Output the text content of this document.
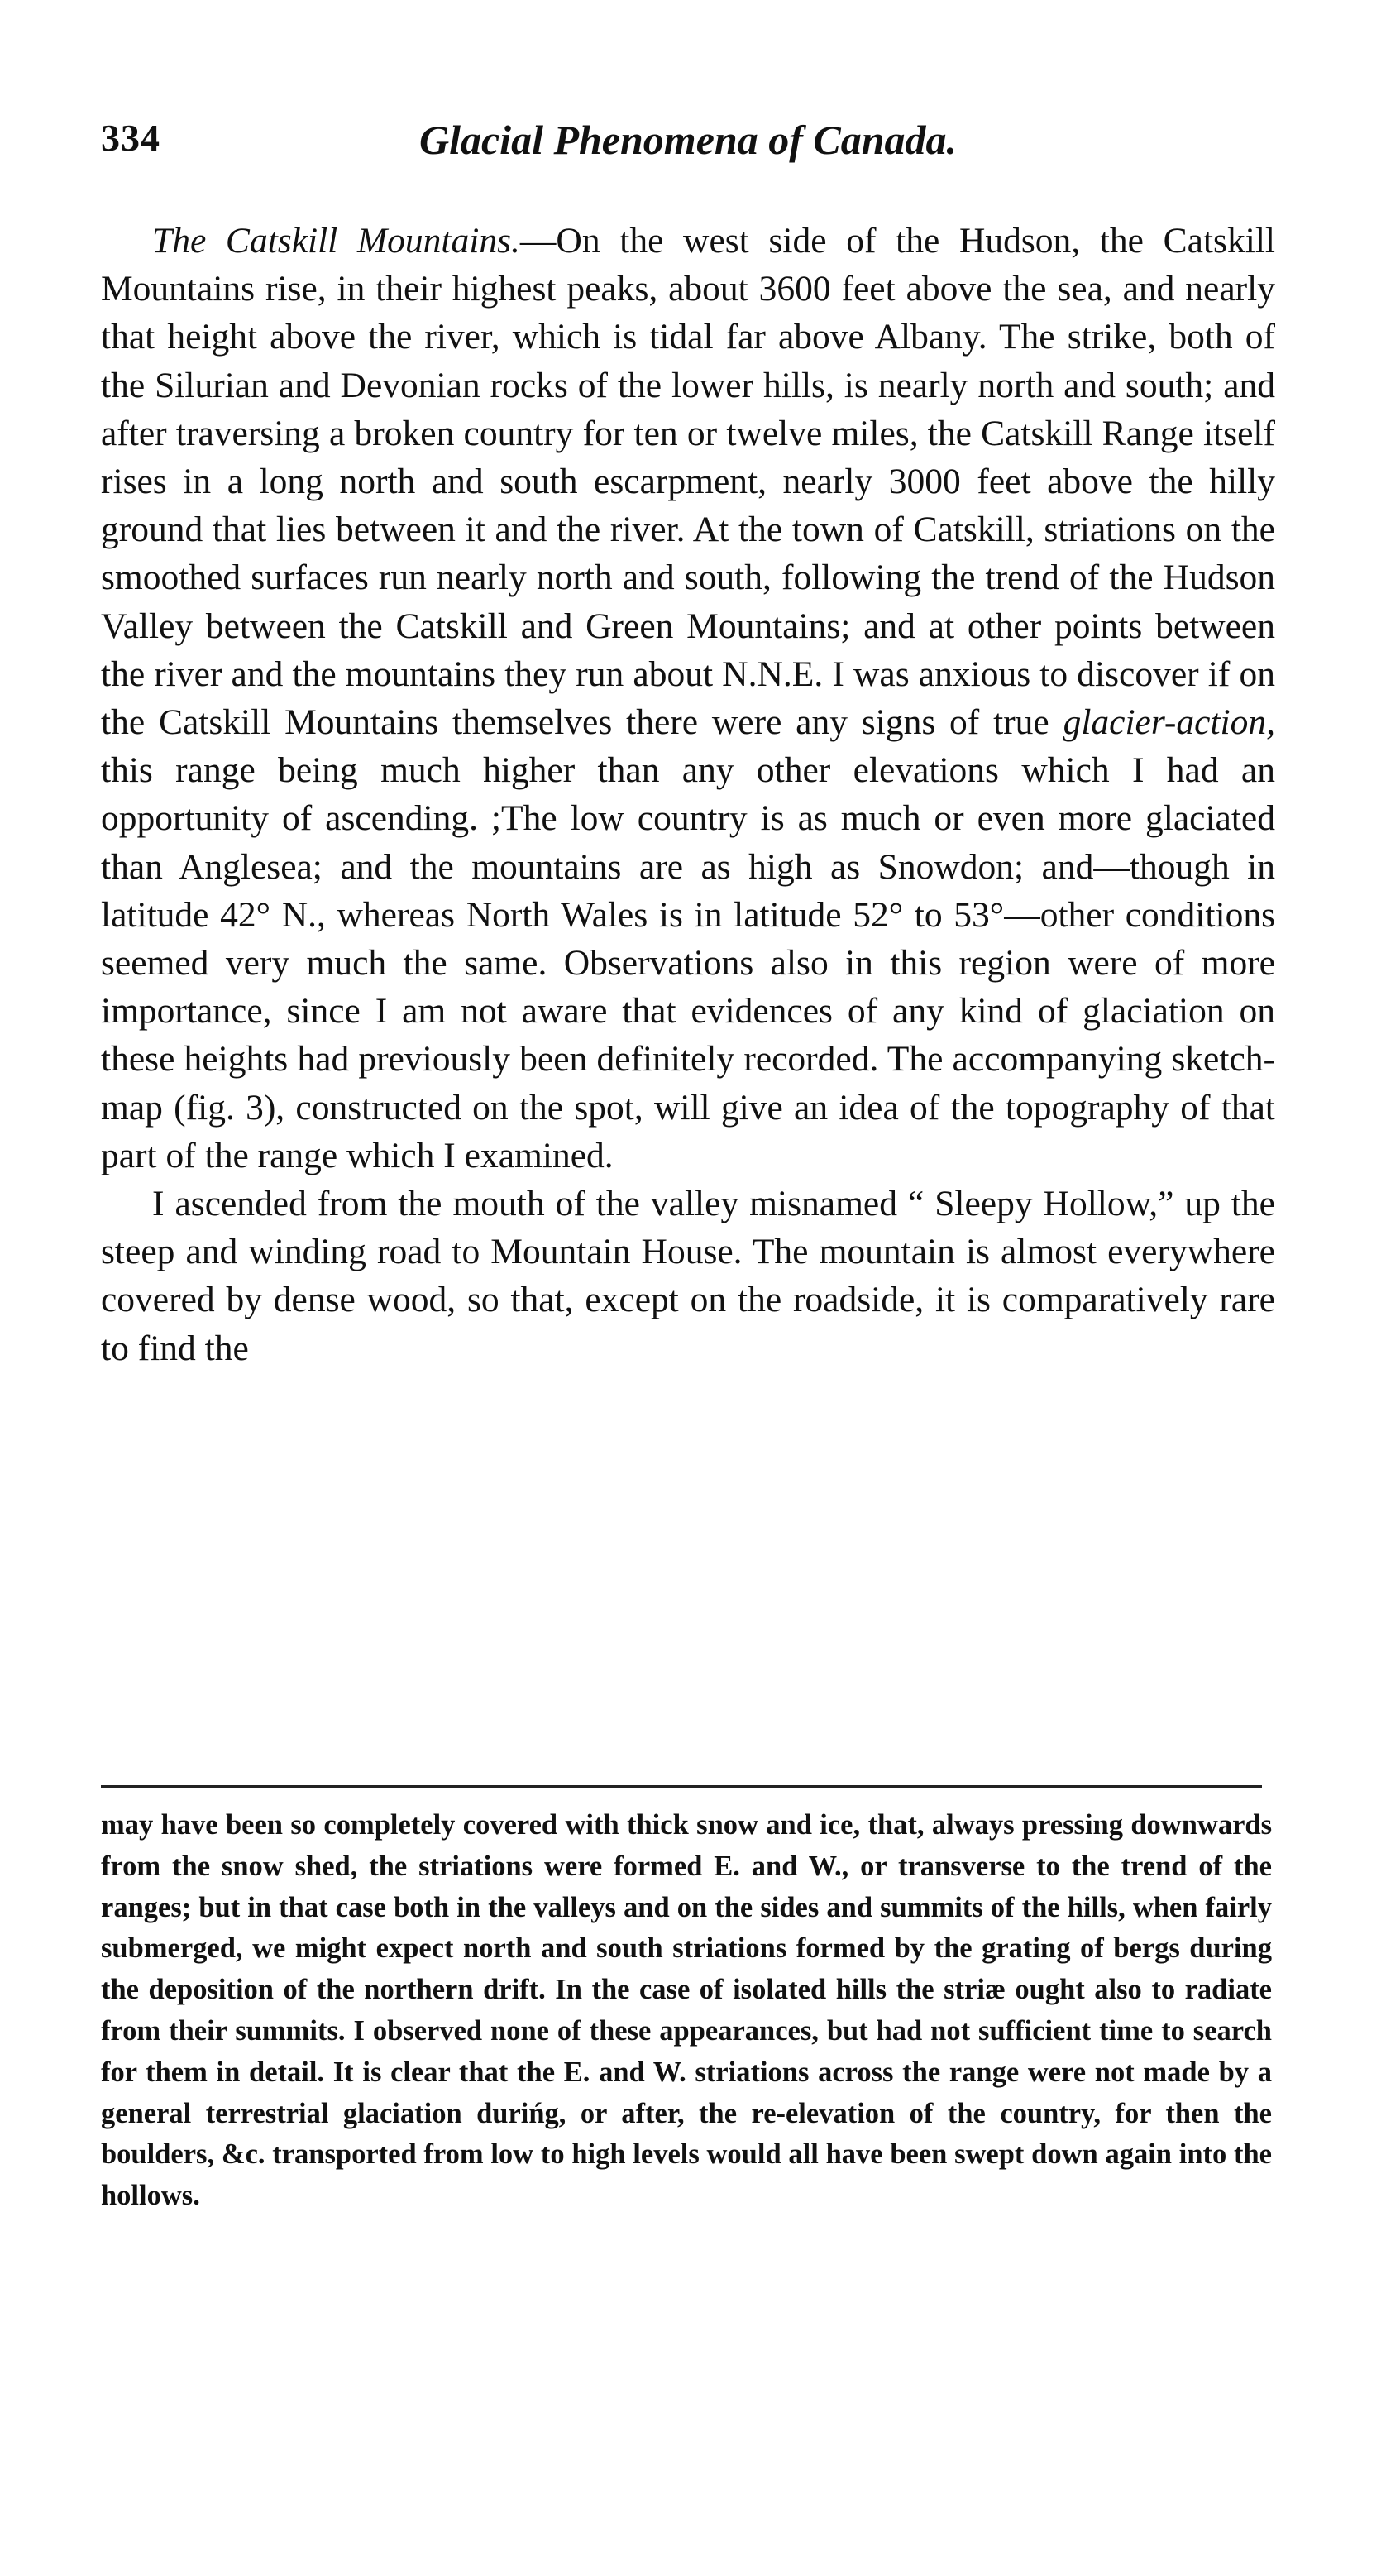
334	Glacial Phenomena of Canada.

The Catskill Mountains.—On the west side of the Hudson, the Catskill Mountains rise, in their highest peaks, about 3600 feet above the sea, and nearly that height above the river, which is tidal far above Albany. The strike, both of the Silurian and Devonian rocks of the lower hills, is nearly north and south; and after traversing a broken country for ten or twelve miles, the Catskill Range itself rises in a long north and south escarpment, nearly 3000 feet above the hilly ground that lies between it and the river. At the town of Catskill, striations on the smoothed surfaces run nearly north and south, following the trend of the Hudson Valley between the Catskill and Green Mountains; and at other points between the river and the mountains they run about N.N.E. I was anxious to discover if on the Catskill Mountains themselves there were any signs of true glacier-action, this range being much higher than any other elevations which I had an opportunity of ascending. ;The low country is as much or even more glaciated than Anglesea; and the mountains are as high as Snowdon; and—though in latitude 42° N., whereas North Wales is in latitude 52° to 53°—other conditions seemed very much the same. Observations also in this region were of more importance, since I am not aware that evidences of any kind of glaciation on these heights had previously been definitely recorded. The accompanying sketch-map (fig. 3), constructed on the spot, will give an idea of the topography of that part of the range which I examined.

I ascended from the mouth of the valley misnamed “ Sleepy Hollow,” up the steep and winding road to Mountain House. The mountain is almost everywhere covered by dense wood, so that, except on the roadside, it is comparatively rare to find the

may have been so completely covered with thick snow and ice, that, always pressing downwards from the snow shed, the striations were formed E. and W., or transverse to the trend of the ranges; but in that case both in the valleys and on the sides and summits of the hills, when fairly submerged, we might expect north and south striations formed by the grating of bergs during the deposition of the northern drift. In the case of isolated hills the striæ ought also to radiate from their summits. I observed none of these appearances, but had not sufficient time to search for them in detail. It is clear that the E. and W. striations across the range were not made by a general terrestrial glaciation durińg, or after, the re-elevation of the country, for then the boulders, &c. transported from low to high levels would all have been swept down again into the hollows.
